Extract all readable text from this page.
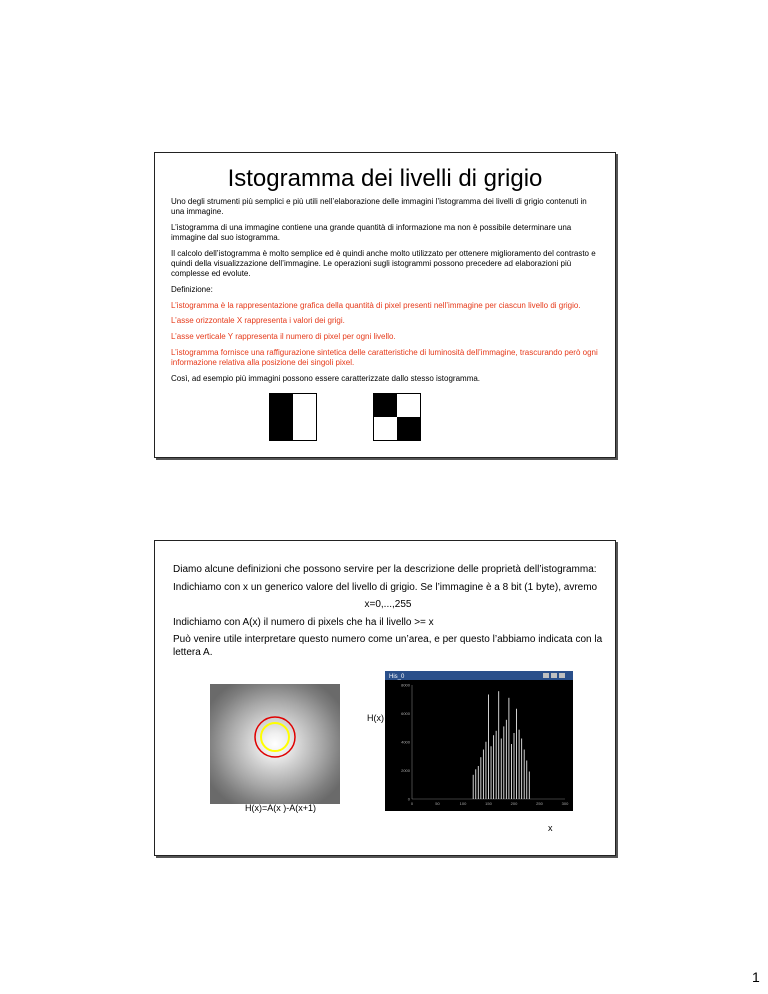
Istogramma dei livelli di grigio

Uno degli strumenti più semplici e più utili nell’elaborazione delle immagini l’istogramma dei livelli di grigio contenuti in una immagine.

L’istogramma di una immagine contiene una grande quantità di informazione ma non è possibile determinare una immagine dal suo istogramma.

Il calcolo dell’istogramma è molto semplice ed è quindi anche molto utilizzato per ottenere miglioramento del contrasto e quindi della visualizzazione dell’immagine. Le operazioni sugli istogrammi possono precedere ad elaborazioni più complesse ed evolute.

Definizione:

L’istogramma è la rappresentazione grafica della quantità di pixel presenti nell’immagine per ciascun livello di grigio.

L’asse orizzontale X rappresenta i valori dei grigi.

L’asse verticale Y rappresenta il numero di pixel per ogni livello.

L’istogramma fornisce una raffigurazione sintetica delle caratteristiche di luminosità dell’immagine, trascurando però ogni informazione relativa alla posizione dei singoli pixel.

Così, ad esempio più immagini possono essere caratterizzate dallo stesso istogramma.

Diamo alcune definizioni che possono servire per la descrizione delle proprietà dell’istogramma:

Indichiamo con x un generico valore del livello di grigio. Se l’immagine è a 8 bit (1 byte), avremo

x=0,...,255

Indichiamo con A(x) il numero di pixels che ha il livello >= x

Può venire utile interpretare questo numero come un’area, e per questo l’abbiamo indicata con la lettera A.

H(x)=A(x )-A(x+1)
H(x)
x
His_0
8000
6000
4000
2000
0
0	50	100	150	200	250	300
1
